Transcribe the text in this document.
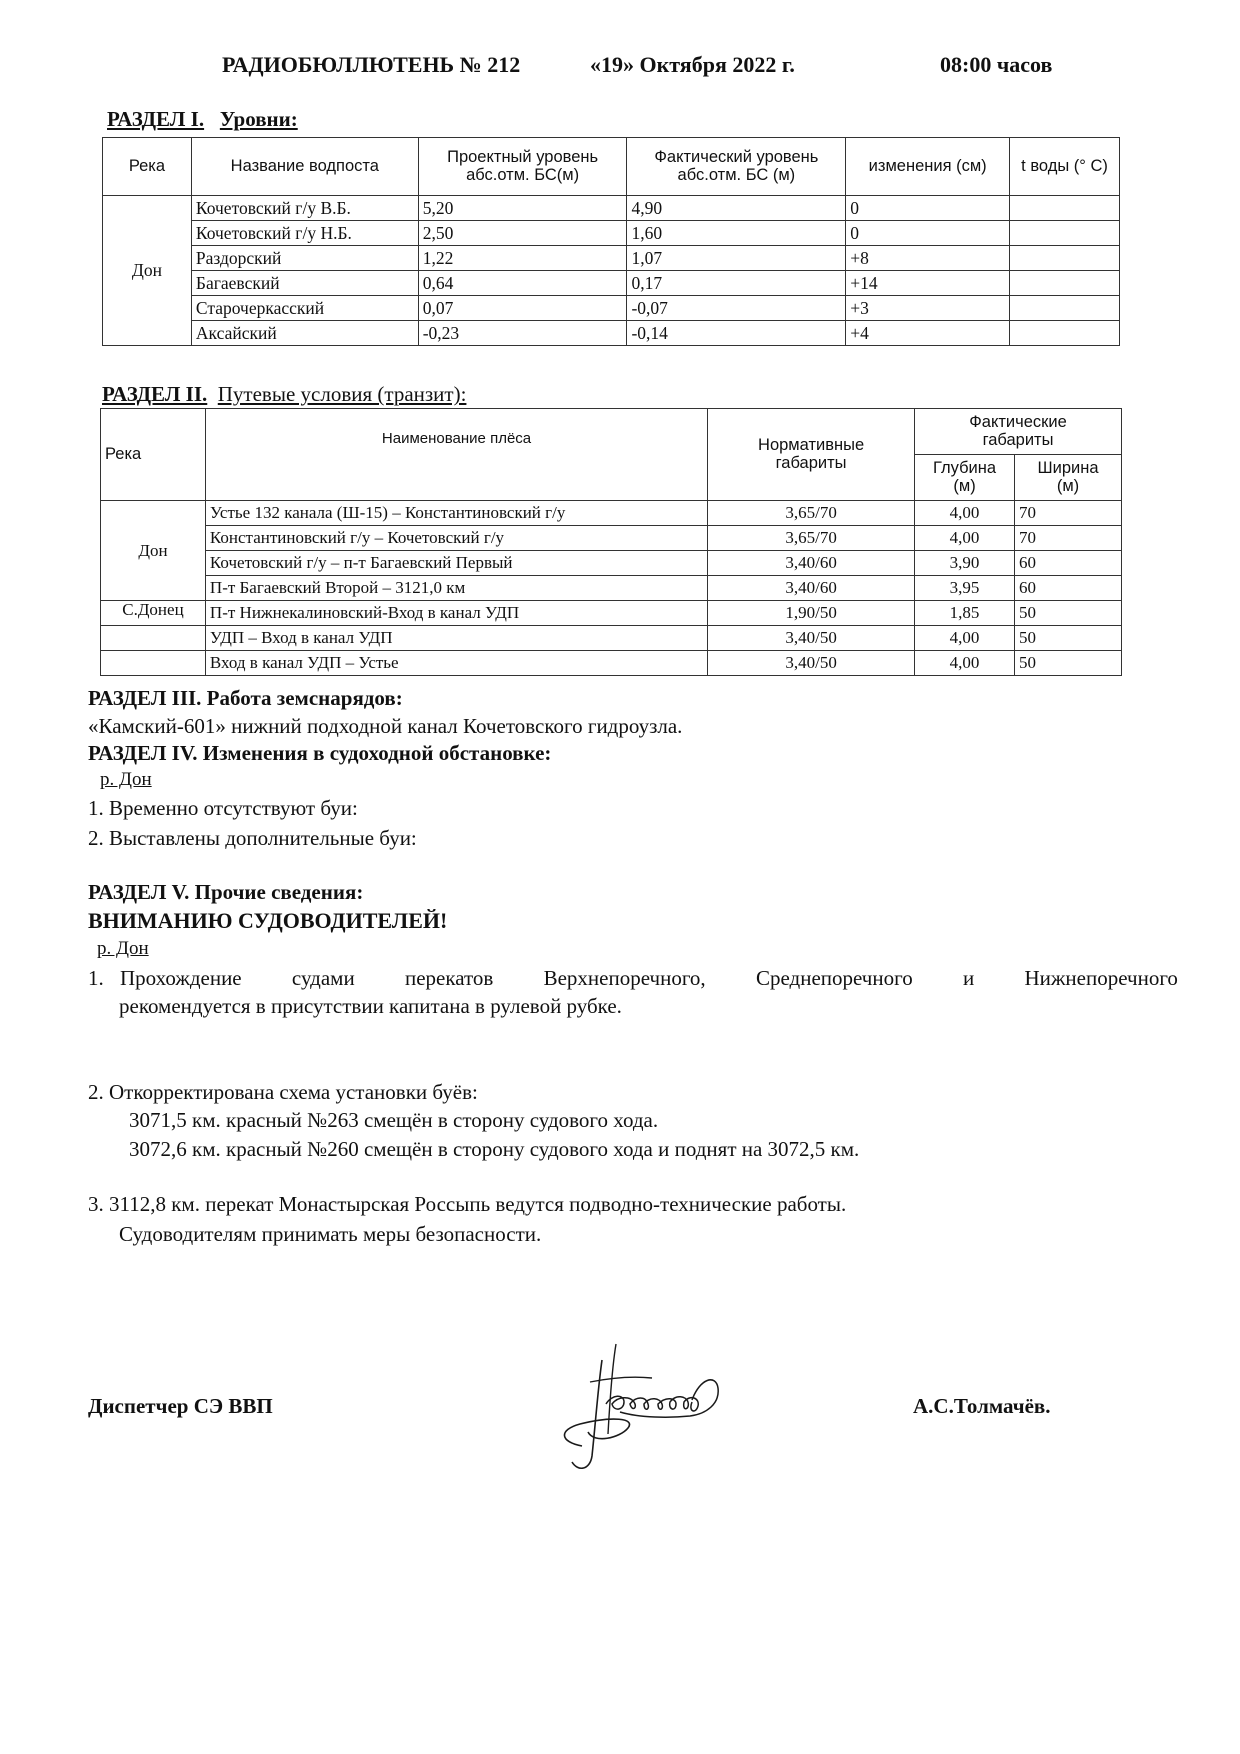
РАДИОБЮЛЛЮТЕНЬ № 212	«19» Октября 2022 г.	08:00 часов
РАЗДЕЛ I. Уровни:
Река	Название водпоста	Проектный уровень абс.отм. БС(м)	Фактический уровень абс.отм. БС (м)	изменения (см)	t воды (° С)
Дон	Кочетовский г/у В.Б.	5,20	4,90	0	
	Кочетовский г/у Н.Б.	2,50	1,60	0	
	Раздорский	1,22	1,07	+8	
	Багаевский	0,64	0,17	+14	
	Старочеркасский	0,07	-0,07	+3	
	Аксайский	-0,23	-0,14	+4	
РАЗДЕЛ II. Путевые условия (транзит):
Река	Наименование плёса	Нормативные габариты	Фактические габариты	
			Глубина (м)	Ширина (м)
Дон	Устье 132 канала (Ш-15) – Константиновский г/у	3,65/70	4,00	70
	Константиновский г/у – Кочетовский г/у	3,65/70	4,00	70
	Кочетовский г/у – п-т Багаевский Первый	3,40/60	3,90	60
	П-т Багаевский Второй – 3121,0 км	3,40/60	3,95	60
С.Донец	П-т Нижнекалиновский-Вход в канал УДП	1,90/50	1,85	50
	УДП – Вход в канал УДП	3,40/50	4,00	50
	Вход в канал УДП – Устье	3,40/50	4,00	50
РАЗДЕЛ III. Работа земснарядов:
«Камский-601» нижний подходной канал Кочетовского гидроузла.
РАЗДЕЛ IV. Изменения в судоходной обстановке:
р. Дон
1. Временно отсутствуют буи:
2. Выставлены дополнительные буи:
РАЗДЕЛ V. Прочие сведения:
ВНИМАНИЮ СУДОВОДИТЕЛЕЙ!
р. Дон
1. Прохождение судами перекатов Верхнепоречного, Среднепоречного и Нижнепоречного
рекомендуется в присутствии капитана в рулевой рубке.
2. Откорректирована схема установки буёв:
3071,5 км. красный №263 смещён в сторону судового хода.
3072,6 км. красный №260 смещён в сторону судового хода и поднят на 3072,5 км.
3. 3112,8 км. перекат Монастырская Россыпь ведутся подводно-технические работы.
Судоводителям принимать меры безопасности.
Диспетчер СЭ ВВП	А.С.Толмачёв.
